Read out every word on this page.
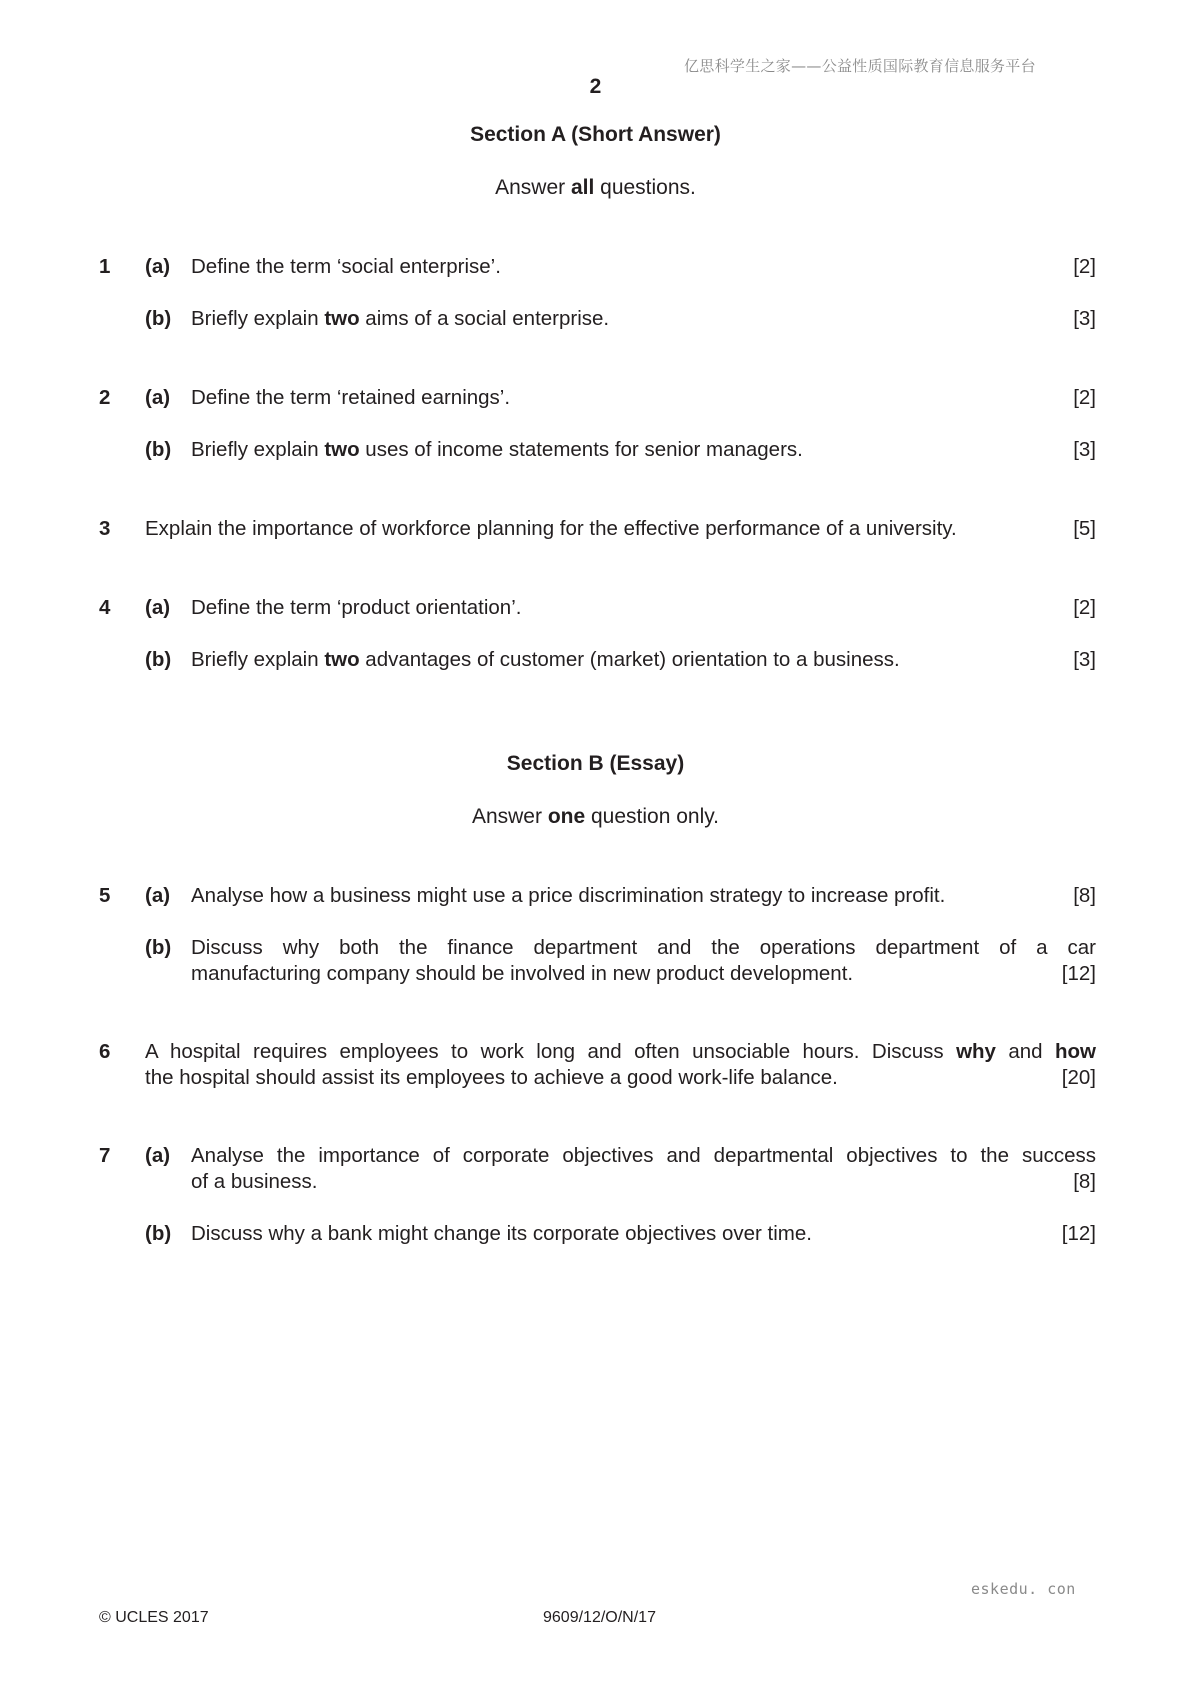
亿思科学生之家——公益性质国际教育信息服务平台
2
Section A (Short Answer)
Answer all questions.
1 (a) Define the term ‘social enterprise’.	[2]
(b) Briefly explain two aims of a social enterprise.	[3]
2 (a) Define the term ‘retained earnings’.	[2]
(b) Briefly explain two uses of income statements for senior managers.	[3]
3 Explain the importance of workforce planning for the effective performance of a university.	[5]
4 (a) Define the term ‘product orientation’.	[2]
(b) Briefly explain two advantages of customer (market) orientation to a business.	[3]
Section B (Essay)
Answer one question only.
5 (a) Analyse how a business might use a price discrimination strategy to increase profit.	[8]
(b) Discuss why both the finance department and the operations department of a car
manufacturing company should be involved in new product development.	[12]
6 A hospital requires employees to work long and often unsociable hours. Discuss why and how
the hospital should assist its employees to achieve a good work-life balance.	[20]
7 (a) Analyse the importance of corporate objectives and departmental objectives to the success
of a business.	[8]
(b) Discuss why a bank might change its corporate objectives over time.	[12]
eskedu. con
© UCLES 2017	9609/12/O/N/17
